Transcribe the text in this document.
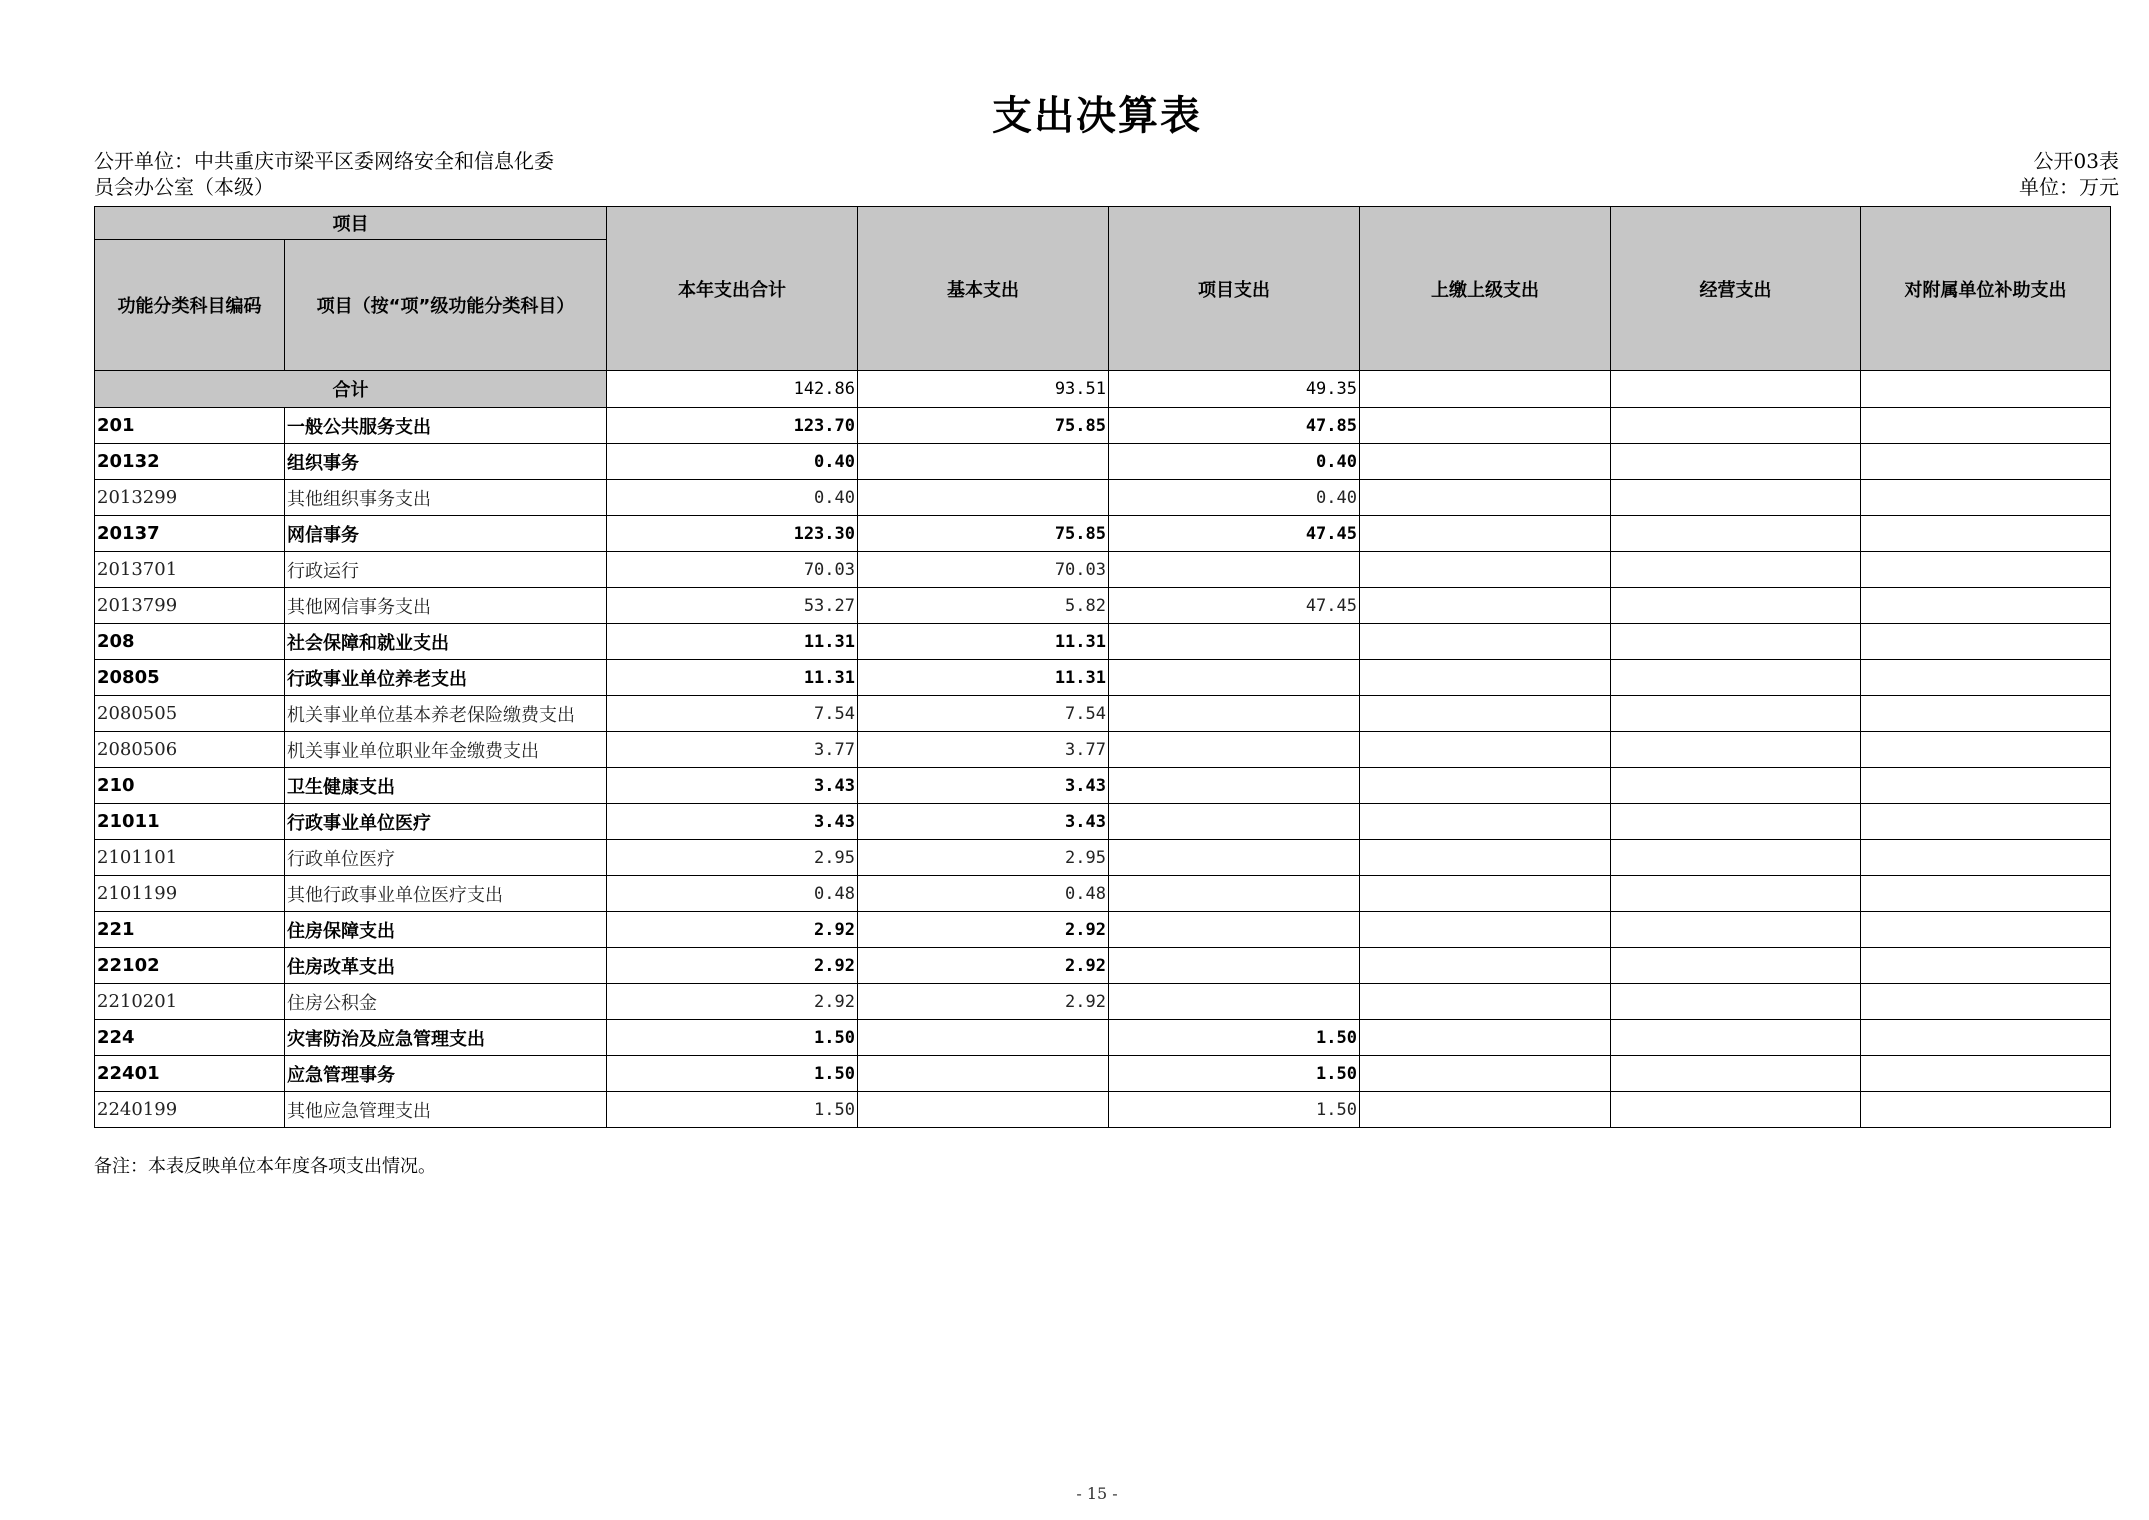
支出决算表
公开单位：中共重庆市梁平区委网络安全和信息化委
员会办公室（本级）
公开03表
单位：万元
项目		本年支出合计	基本支出	项目支出	上缴上级支出	经营支出	对附属单位补助支出
功能分类科目编码	项目（按“项”级功能分类科目）						
合计		142.86	93.51	49.35			
201	一般公共服务支出	123.70	75.85	47.85			
20132	组织事务	0.40		0.40			
2013299	其他组织事务支出	0.40		0.40			
20137	网信事务	123.30	75.85	47.45			
2013701	行政运行	70.03	70.03				
2013799	其他网信事务支出	53.27	5.82	47.45			
208	社会保障和就业支出	11.31	11.31				
20805	行政事业单位养老支出	11.31	11.31				
2080505	机关事业单位基本养老保险缴费支出	7.54	7.54				
2080506	机关事业单位职业年金缴费支出	3.77	3.77				
210	卫生健康支出	3.43	3.43				
21011	行政事业单位医疗	3.43	3.43				
2101101	行政单位医疗	2.95	2.95				
2101199	其他行政事业单位医疗支出	0.48	0.48				
221	住房保障支出	2.92	2.92				
22102	住房改革支出	2.92	2.92				
2210201	住房公积金	2.92	2.92				
224	灾害防治及应急管理支出	1.50		1.50			
22401	应急管理事务	1.50		1.50			
2240199	其他应急管理支出	1.50		1.50			
备注：本表反映单位本年度各项支出情况。
- 15 -
